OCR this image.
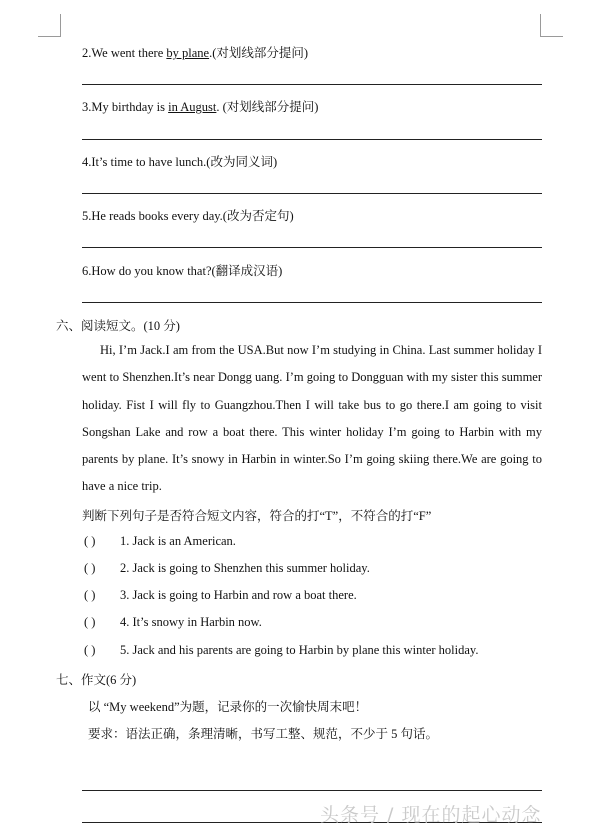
2.We went there by plane.(对划线部分提问)
3.My birthday is in August. (对划线部分提问)
4.It’s time to have lunch.(改为同义词)
5.He reads books every day.(改为否定句)
6.How do you know that?(翻译成汉语)
六、阅读短文。(10 分)
Hi, I’m Jack.I am from the USA.But now I’m studying in China. Last summer holiday I
went to Shenzhen.It’s near Dongg uang. I’m going to Dongguan with my sister this summer
holiday. Fist I will fly to Guangzhou.Then I will take bus to go there.I am going to visit
Songshan Lake and row a boat there. This winter holiday I’m going to Harbin with my
parents by plane. It’s snowy in Harbin in winter.So I’m going skiing there.We are going to
have a nice trip.
判断下列句子是否符合短文内容，符合的打“T”，不符合的打“F”
( ) 1. Jack is an American.
( ) 2. Jack is going to Shenzhen this summer holiday.
( ) 3. Jack is going to Harbin and row a boat there.
( ) 4. It’s snowy in Harbin now.
( ) 5. Jack and his parents are going to Harbin by plane this winter holiday.
七、作文(6 分)
以 “My weekend”为题，记录你的一次愉快周末吧！
要求：语法正确，条理清晰，书写工整、规范，不少于 5 句话。
头条号 / 现在的起心动念
